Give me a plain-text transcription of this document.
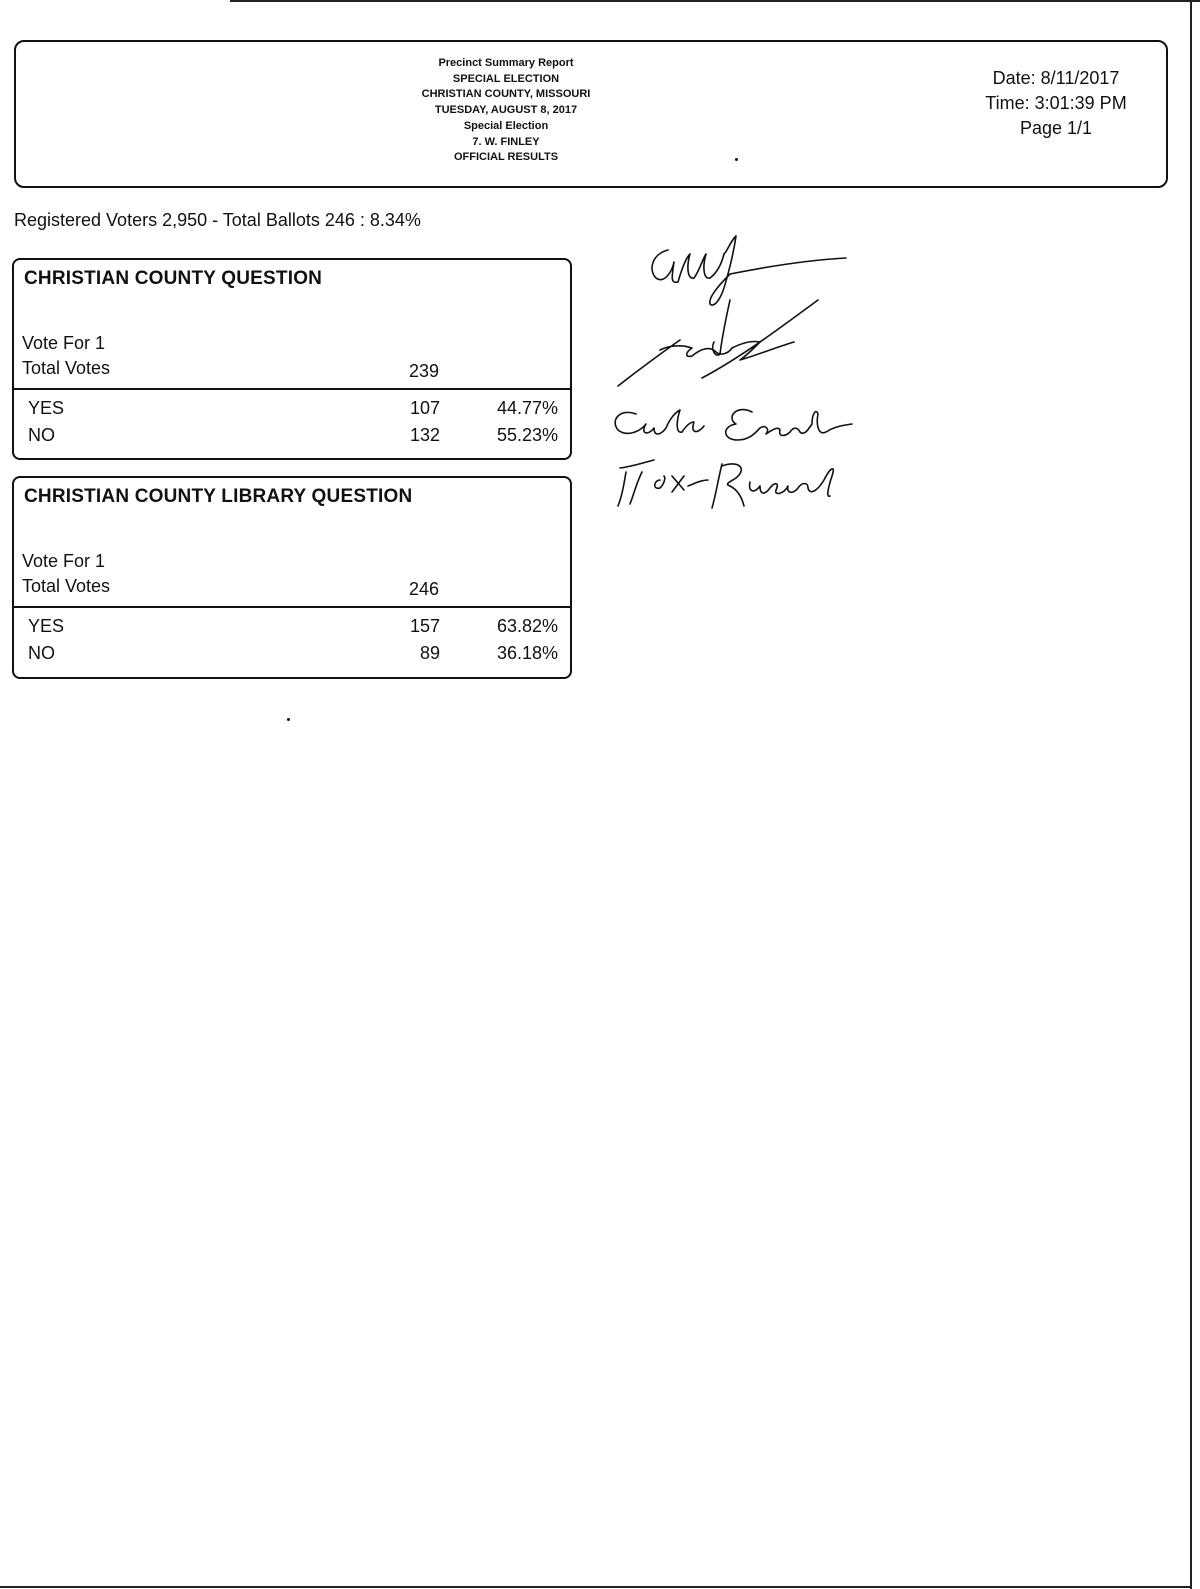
Precinct Summary Report
SPECIAL ELECTION
CHRISTIAN COUNTY, MISSOURI
TUESDAY, AUGUST 8, 2017
Special Election
7. W. FINLEY
OFFICIAL RESULTS
Date: 8/11/2017
Time: 3:01:39 PM
Page 1/1
Registered Voters 2,950 - Total Ballots 246 : 8.34%
CHRISTIAN COUNTY QUESTION
Vote For 1
Total Votes	239
YES	107	44.77%
NO	132	55.23%
CHRISTIAN COUNTY LIBRARY QUESTION
Vote For 1
Total Votes	246
YES	157	63.82%
NO	89	36.18%
